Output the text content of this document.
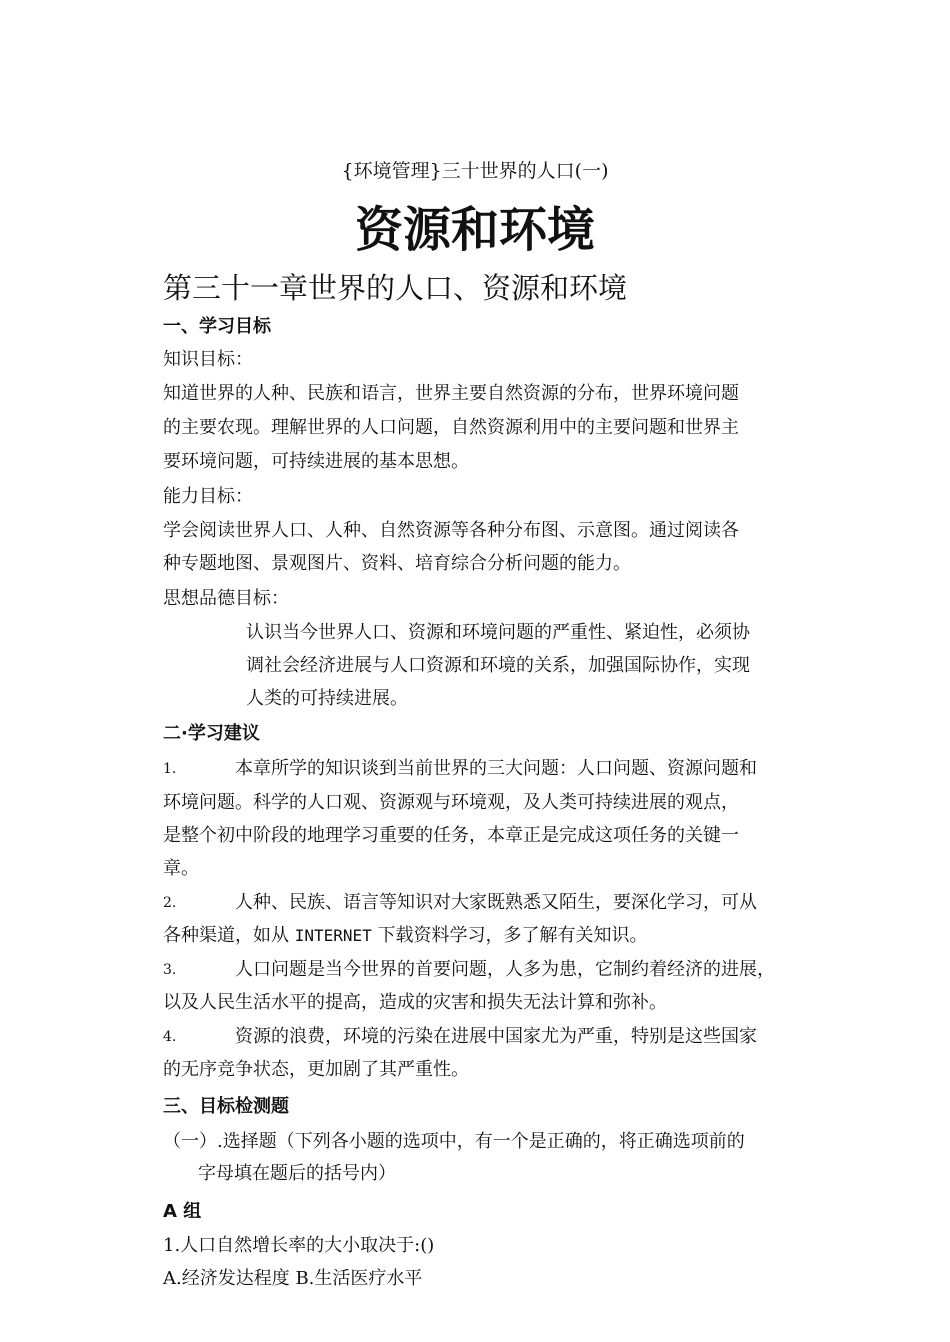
{环境管理}三十世界的人口(一)
资源和环境
第三十一章世界的人口、资源和环境
一、学习目标
知识目标：
知道世界的人种、民族和语言，世界主要自然资源的分布，世界环境问题
的主要农现。理解世界的人口问题，自然资源利用中的主要问题和世界主
要环境问题，可持续进展的基本思想。
能力目标：
学会阅读世界人口、人种、自然资源等各种分布图、示意图。通过阅读各
种专题地图、景观图片、资料、培育综合分析问题的能力。
思想品德目标：
认识当今世界人口、资源和环境问题的严重性、紧迫性，必须协
调社会经济进展与人口资源和环境的关系，加强国际协作，实现
人类的可持续进展。
二·学习建议
1.	本章所学的知识谈到当前世界的三大问题：人口问题、资源问题和
环境问题。科学的人口观、资源观与环境观，及人类可持续进展的观点，
是整个初中阶段的地理学习重要的任务，本章正是完成这项任务的关键一
章。
2.	人种、民族、语言等知识对大家既熟悉又陌生，要深化学习，可从
各种渠道，如从 INTERNET 下载资料学习，多了解有关知识。
3.	人口问题是当今世界的首要问题，人多为患，它制约着经济的进展，
以及人民生活水平的提高，造成的灾害和损失无法计算和弥补。
4.	资源的浪费，环境的污染在进展中国家尤为严重，特别是这些国家
的无序竞争状态，更加剧了其严重性。
三、目标检测题
（一）.选择题（下列各小题的选项中，有一个是正确的，将正确选项前的
字母填在题后的括号内）
A 组
1.人口自然增长率的大小取决于:()
A.经济发达程度 B.生活医疗水平
